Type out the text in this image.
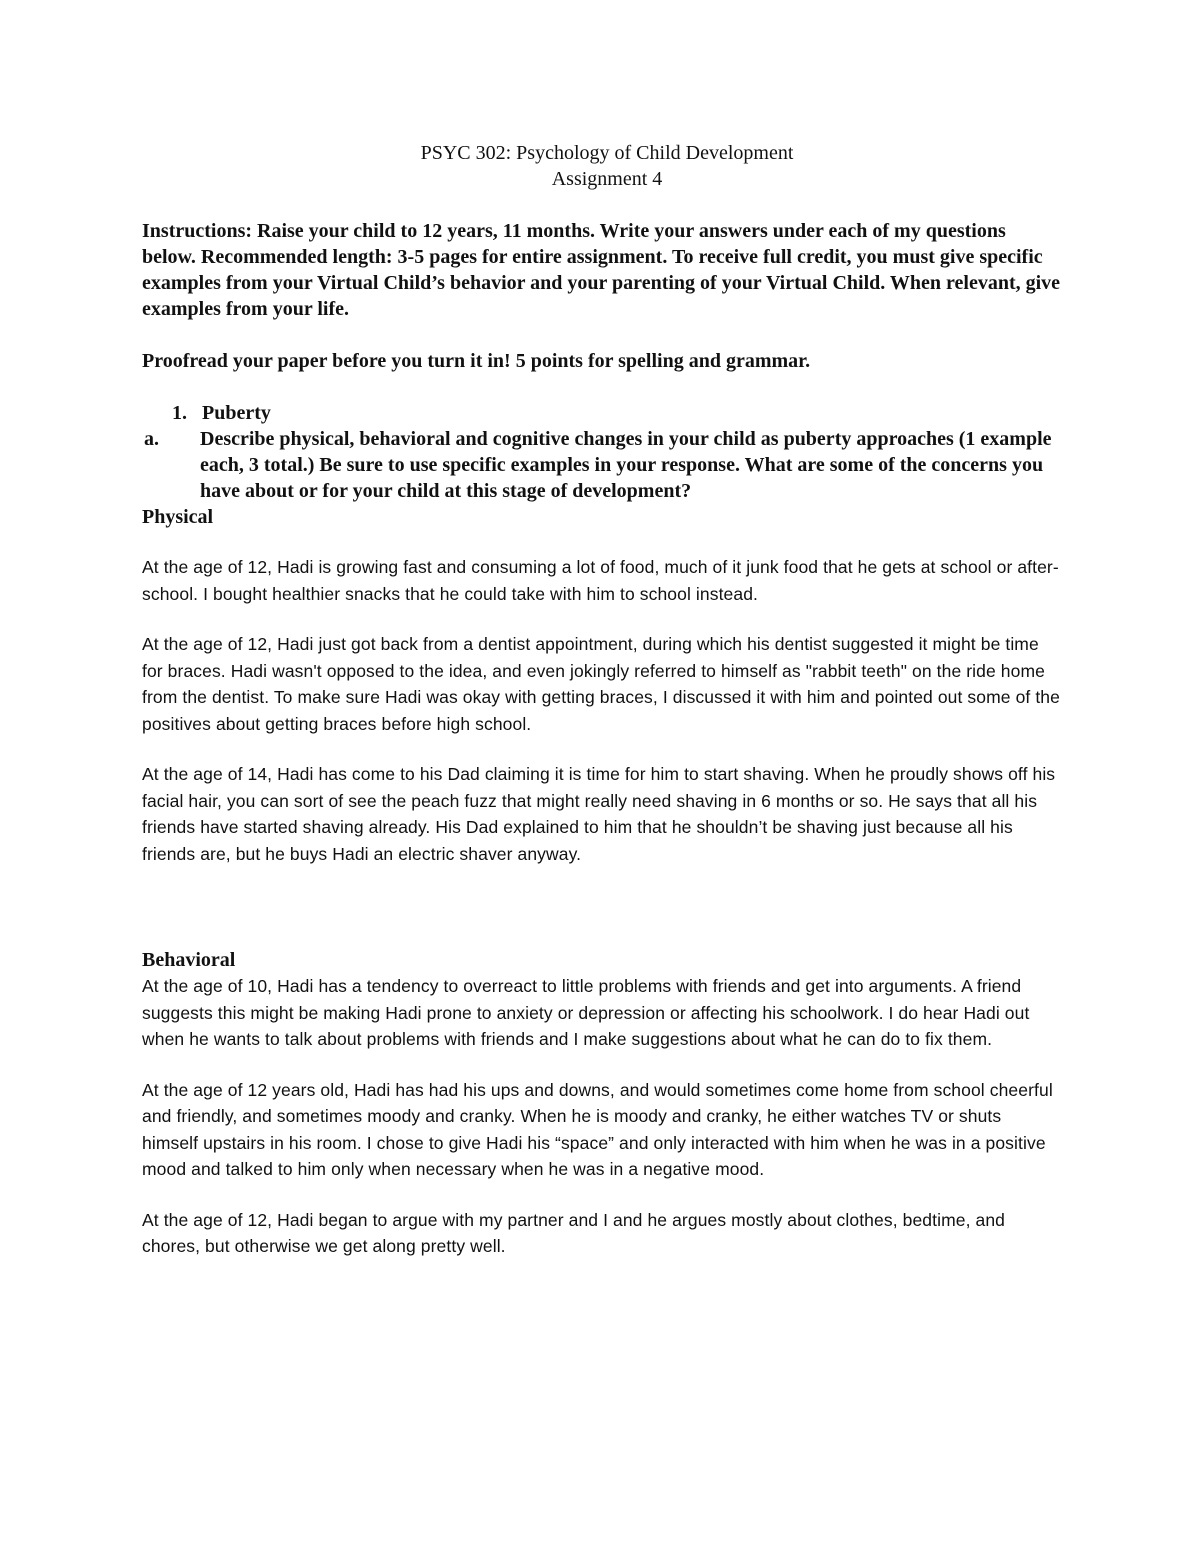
PSYC 302: Psychology of Child Development
Assignment 4

Instructions: Raise your child to 12 years, 11 months. Write your answers under each of my questions below. Recommended length: 3-5 pages for entire assignment. To receive full credit, you must give specific examples from your Virtual Child’s behavior and your parenting of your Virtual Child. When relevant, give examples from your life.

Proofread your paper before you turn it in! 5 points for spelling and grammar.

1. Puberty
a.	Describe physical, behavioral and cognitive changes in your child as puberty approaches (1 example each, 3 total.) Be sure to use specific examples in your response. What are some of the concerns you have about or for your child at this stage of development?

Physical

At the age of 12, Hadi is growing fast and consuming a lot of food, much of it junk food that he gets at school or after-school. I bought healthier snacks that he could take with him to school instead.

At the age of 12, Hadi just got back from a dentist appointment, during which his dentist suggested it might be time for braces. Hadi wasn't opposed to the idea, and even jokingly referred to himself as "rabbit teeth" on the ride home from the dentist. To make sure Hadi was okay with getting braces, I discussed it with him and pointed out some of the positives about getting braces before high school.

At the age of 14, Hadi has come to his Dad claiming it is time for him to start shaving. When he proudly shows off his facial hair, you can sort of see the peach fuzz that might really need shaving in 6 months or so. He says that all his friends have started shaving already. His Dad explained to him that he shouldn’t be shaving just because all his friends are, but he buys Hadi an electric shaver anyway.

Behavioral

At the age of 10, Hadi has a tendency to overreact to little problems with friends and get into arguments. A friend suggests this might be making Hadi prone to anxiety or depression or affecting his schoolwork. I do hear Hadi out when he wants to talk about problems with friends and I make suggestions about what he can do to fix them.

At the age of 12 years old, Hadi has had his ups and downs, and would sometimes come home from school cheerful and friendly, and sometimes moody and cranky. When he is moody and cranky, he either watches TV or shuts himself upstairs in his room. I chose to give Hadi his “space” and only interacted with him when he was in a positive mood and talked to him only when necessary when he was in a negative mood.

At the age of 12, Hadi began to argue with my partner and I and he argues mostly about clothes, bedtime, and chores, but otherwise we get along pretty well.
